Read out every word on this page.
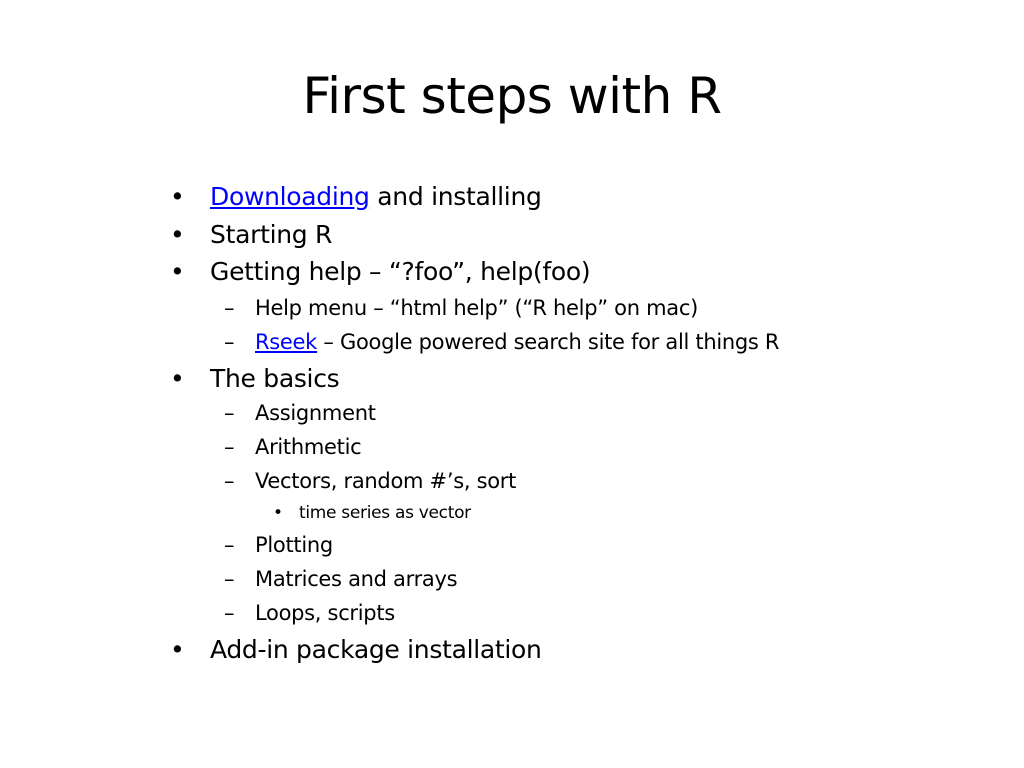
First steps with R
• Downloading and installing
• Starting R
• Getting help – “?foo”, help(foo)
– Help menu – “html help” (“R help” on mac)
– Rseek – Google powered search site for all things R
• The basics
– Assignment
– Arithmetic
– Vectors, random #’s, sort
• time series as vector
– Plotting
– Matrices and arrays
– Loops, scripts
• Add-in package installation
